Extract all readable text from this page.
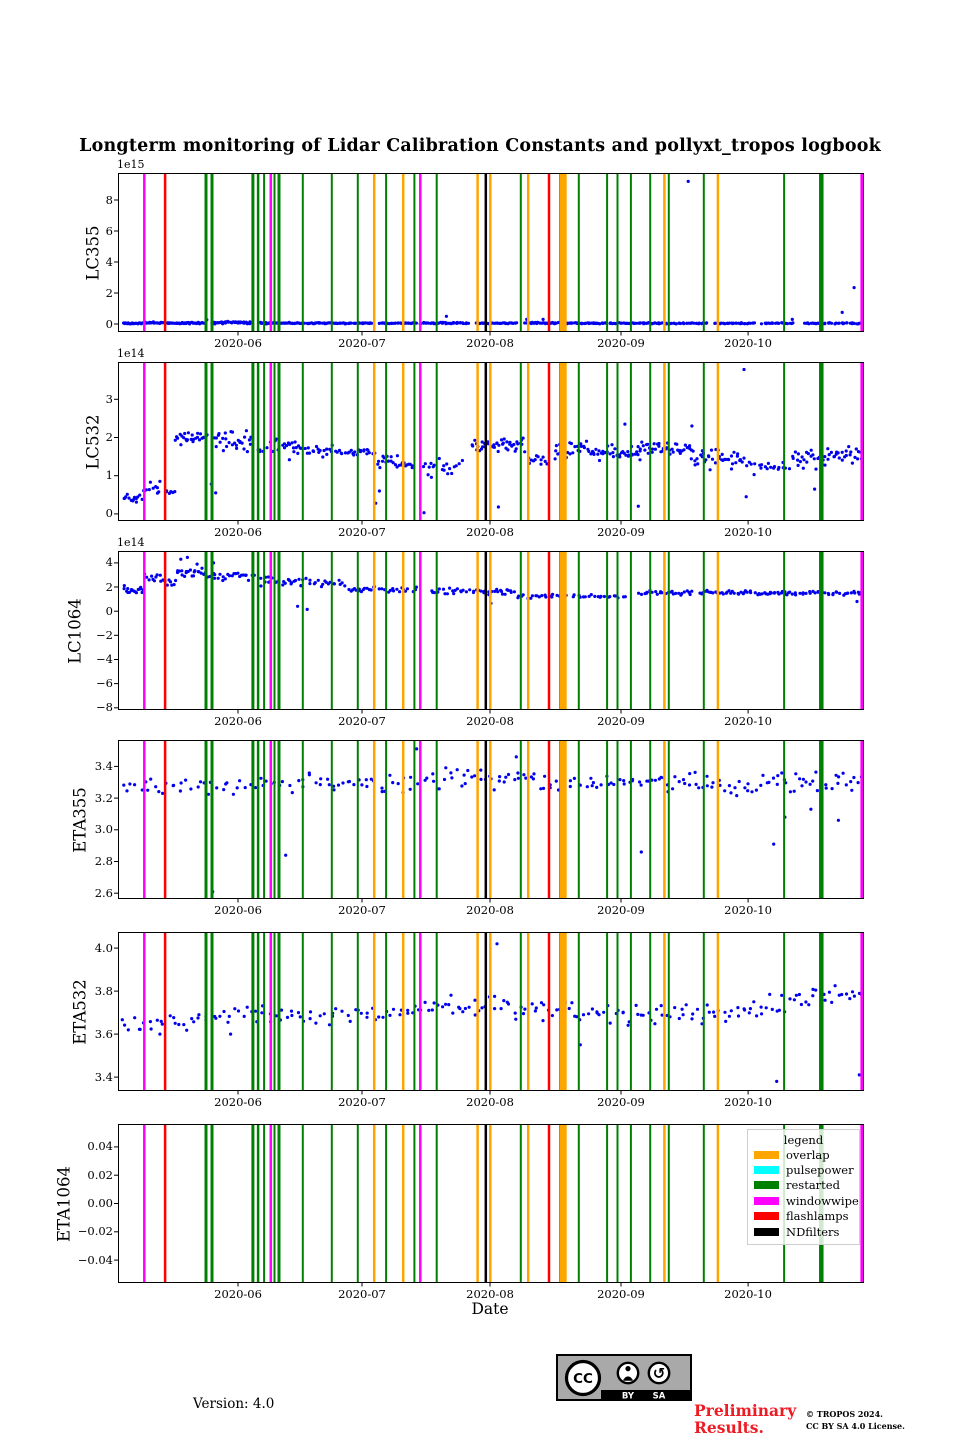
Longterm monitoring of Lidar Calibration Constants and pollyxt_tropos logbook
0
2
4
6
8
2020-06	2020-07	2020-08	2020-09	2020-10
1e15
LC355
0
1
2
3
2020-06	2020-07	2020-08	2020-09	2020-10
1e14
LC532
4
2
0
−2
−4
−6
−8
2020-06	2020-07	2020-08	2020-09	2020-10
1e14
LC1064
3.4
3.2
3.0
2.8
2.6
2020-06	2020-07	2020-08	2020-09	2020-10
ETA355
4.0
3.8
3.6
3.4
2020-06	2020-07	2020-08	2020-09	2020-10
ETA532
0.04
0.02
0.00
−0.02
−0.04
2020-06	2020-07	2020-08	2020-09	2020-10
ETA1064
Date
legend
overlap
pulsepower
restarted
windowwipe
flashlamps
NDfilters
Version: 4.0
CC	↺
BY SA
Preliminary
Results.
© TROPOS 2024.
CC BY SA 4.0 License.
